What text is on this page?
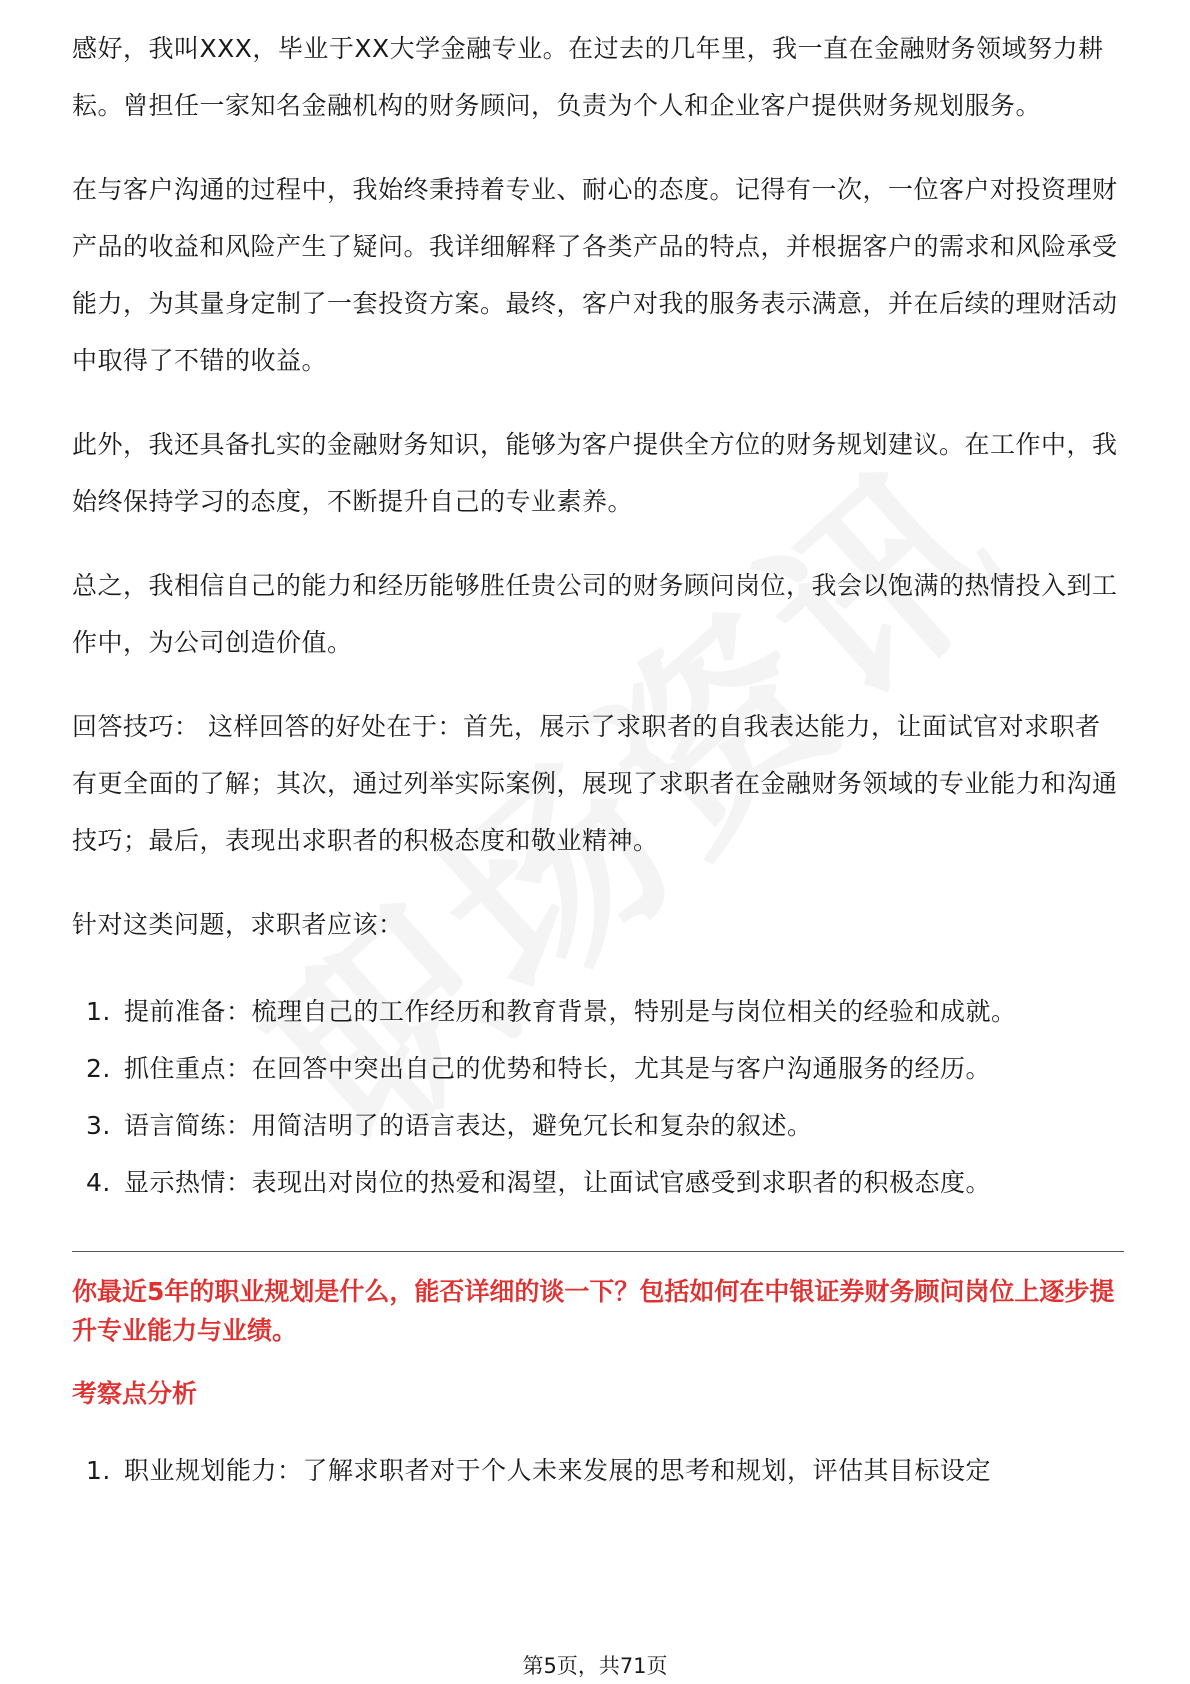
感好，我叫XXX，毕业于XX大学金融专业。在过去的几年里，我一直在金融财务领域努力耕耘。曾担任一家知名金融机构的财务顾问，负责为个人和企业客户提供财务规划服务。

在与客户沟通的过程中，我始终秉持着专业、耐心的态度。记得有一次，一位客户对投资理财产品的收益和风险产生了疑问。我详细解释了各类产品的特点，并根据客户的需求和风险承受能力，为其量身定制了一套投资方案。最终，客户对我的服务表示满意，并在后续的理财活动中取得了不错的收益。

此外，我还具备扎实的金融财务知识，能够为客户提供全方位的财务规划建议。在工作中，我始终保持学习的态度，不断提升自己的专业素养。

总之，我相信自己的能力和经历能够胜任贵公司的财务顾问岗位，我会以饱满的热情投入到工作中，为公司创造价值。

回答技巧： 这样回答的好处在于：首先，展示了求职者的自我表达能力，让面试官对求职者有更全面的了解；其次，通过列举实际案例，展现了求职者在金融财务领域的专业能力和沟通技巧；最后，表现出求职者的积极态度和敬业精神。

针对这类问题，求职者应该：

1. 提前准备：梳理自己的工作经历和教育背景，特别是与岗位相关的经验和成就。
2. 抓住重点：在回答中突出自己的优势和特长，尤其是与客户沟通服务的经历。
3. 语言简练：用简洁明了的语言表达，避免冗长和复杂的叙述。
4. 显示热情：表现出对岗位的热爱和渴望，让面试官感受到求职者的积极态度。

你最近5年的职业规划是什么，能否详细的谈一下？包括如何在中银证券财务顾问岗位上逐步提升专业能力与业绩。

考察点分析

1. 职业规划能力：了解求职者对于个人未来发展的思考和规划，评估其目标设定
第5页，共71页
